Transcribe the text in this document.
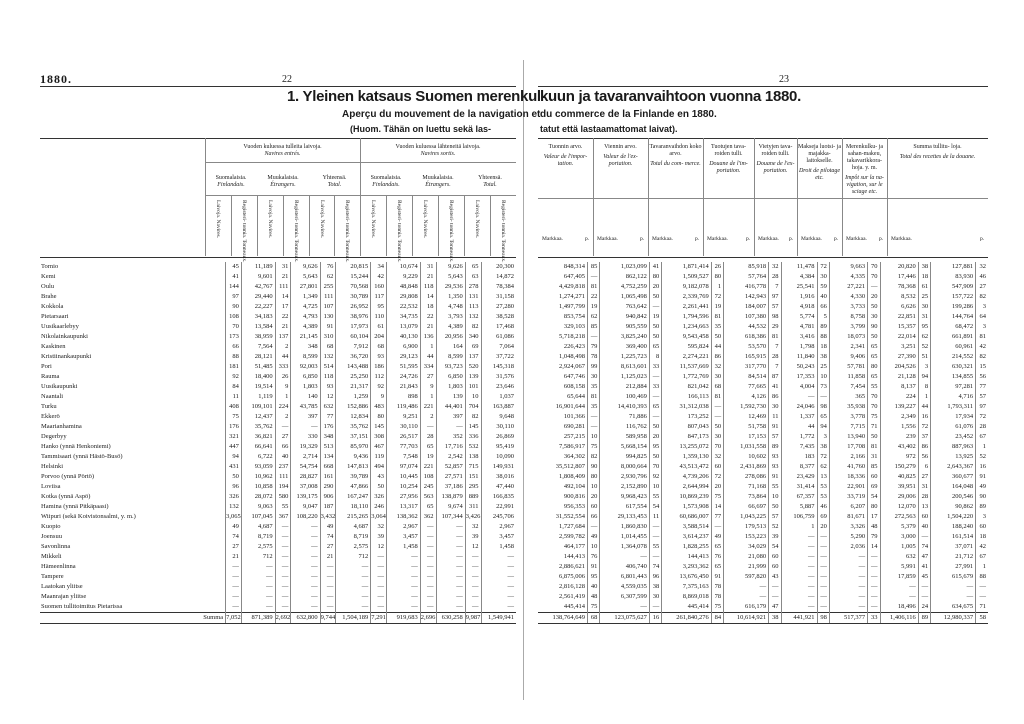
1880.	22	23
1. Yleinen katsaus Suomen merenkul-
kuun ja tavaranvaihtoon vuonna 1880.
Aperçu du mouvement de la navigation et du commerce de la Finlande en 1880.
(Huom. Tähän on luettu sekä las-	tatut että lastaamattomat laivat).
Vuoden kuluessa tulleita laivoja.
Navires entrés.
Vuoden kuluessa lähteneitä laivoja.
Navires sortis.
Suomalaisia.
Finlandais.
Muukalaisia.
Étrangers.
Yhteensä.
Total.
Suomalaisia.
Finlandais.
Muukalaisia.
Étrangers.
Yhteensä.
Total.
Laivoja. Navires.	Registeri- tonnia. Tonneaux.	Laivoja. Navires.	Registeri- tonnia. Tonneaux.	Laivoja. Navires.	Registeri- tonnia. Tonneaux.	Laivoja. Navires.	Registeri- tonnia. Tonneaux.	Laivoja. Navires.	Registeri- tonnia. Tonneaux.	Laivoja. Navires.	Registeri- tonnia. Tonneaux.
Tuonnin arvo.
Valeur de l'impor- tation.
Markkaa.	p.
Viennin arvo.
Valeur de l'ex- portation.
Markkaa.	p.
Tavaranvaihdon koko arvo.
Total du com- merce.
Markkaa.	p.
Tuotujen tava- roiden tulli.
Douane de l'im- portation.
Markkaa.	p.
Vietyjen tava- roiden tulli.
Douane de l'ex- portation.
Markkaa. p.
Makseja luotsi- ja majakka- laitokselle.
Droit de pilotage etc.
Markkaa. p.
Merenkulku- ja sahan-makeu, takavarikkora- hoja. y. m.
Impôt sur la na- vigation, sur le sciage etc.
Markkaa. p.
Summa tullitu- loja.
Total des recettes de la douane.
Markkaa.	p.
Tornio	45	11,189	31	9,626	76	20,815	34	10,674	31	9,626	65	20,300
Kemi	41	9,601	21	5,643	62	15,244	42	9,229	21	5,643	63	14,872
Oulu	144	42,767	111	27,801	255	70,568	160	48,848	118	29,536	278	78,384
Brahe	97	29,440	14	1,349	111	30,789	117	29,808	14	1,350	131	31,158
Kokkola	90	22,227	17	4,725	107	26,952	95	22,532	18	4,748	113	27,280
Pietarsaari	108	34,183	22	4,793	130	38,976	110	34,735	22	3,793	132	38,528
Uusikaarlebyy	70	13,584	21	4,389	91	17,973	61	13,079	21	4,389	82	17,468
Nikolainkaupunki	173	38,959	137	21,145	310	60,104	204	40,130	136	20,956	340	61,086
Kaskinen	66	7,564	2	348	68	7,912	68	6,900	1	164	69	7,064
Kristiinankaupunki	88	28,121	44	8,599	132	36,720	93	29,123	44	8,599	137	37,722
Pori	181	51,485	333	92,003	514	143,488	186	51,595	334	93,723	520	145,318
Rauma	92	18,400	26	6,850	118	25,250	112	24,726	27	6,850	139	31,576
Uusikaupunki	84	19,514	9	1,803	93	21,317	92	21,843	9	1,803	101	23,646
Naantali	11	1,119	1	140	12	1,259	9	898	1	139	10	1,037
Turku	408	109,101	224	43,785	632	152,886	483	119,486	221	44,401	704	163,887
Ekkerö	75	12,437	2	397	77	12,834	80	9,251	2	397	82	9,648
Maarianhamina	176	35,762	—	—	176	35,762	145	30,110	—	—	145	30,110
Degerbyy	321	36,821	27	330	348	37,151	308	26,517	28	352	336	26,869
Hanko (ynnä Henkoniemi)	447	66,641	66	19,329	513	85,970	467	77,703	65	17,716	532	95,419
Tammisaari (ynnä Hästö-Busö)	94	6,722	40	2,714	134	9,436	119	7,548	19	2,542	138	10,090
Helsinki	431	93,059	237	54,754	668	147,813	494	97,074	221	52,857	715	149,931
Porvoo (ynnä Pörtö)	50	10,962	111	28,827	161	39,789	43	10,445	108	27,571	151	38,016
Loviisa	96	10,858	194	37,008	290	47,866	50	10,254	245	37,186	295	47,440
Kotka (ynnä Aspö)	326	28,072	580	139,175	906	167,247	326	27,956	563	138,879	889	166,835
Hamina (ynnä Pitkäpaasi)	132	9,063	55	9,047	187	18,110	246	13,317	65	9,674	311	22,991
Wiipuri (sekä Koivistonsalmi, y. m.)	3,065	107,045	367	108,220	3,432	215,265	3,064	138,362	362	107,344	3,426	245,706
Kuopio	49	4,687	—	—	49	4,687	32	2,967	—	—	32	2,967
Joensuu	74	8,719	—	—	74	8,719	39	3,457	—	—	39	3,457
Savonlinna	27	2,575	—	—	27	2,575	12	1,458	—	—	12	1,458
Mikkeli	21	712	—	—	21	712	—	—	—	—	—	—
Hämeenlinna	—	—	—	—	—	—	—	—	—	—	—	—
Tampere	—	—	—	—	—	—	—	—	—	—	—	—
Laatokan yliitse	—	—	—	—	—	—	—	—	—	—	—	—
Maanrajan yliitse	—	—	—	—	—	—	—	—	—	—	—	—
Suomen tullitoimitus Pietarissa	—	—	—	—	—	—	—	—	—	—	—	—
Summa	7,052	871,389	2,692	632,800	9,744	1,504,189	7,291	919,683	2,696	630,258	9,987	1,549,941
848,314	85	1,023,099	41	1,871,414	26	85,918	32	11,478	72	9,663	70	20,820	38	127,881	32
647,405	—	862,122	80	1,509,527	80	57,764	28	4,384	30	4,335	70	17,446	18	83,930	46
4,429,818	81	4,752,259	20	9,182,078	1	416,778	7	25,541	59	27,221	—	78,368	61	547,909	27
1,274,271	22	1,065,498	50	2,339,769	72	142,943	97	1,916	40	4,330	20	8,532	25	157,722	82
1,497,799	19	763,642	—	2,261,441	19	184,007	57	4,918	66	3,733	50	6,626	30	199,286	3
853,754	62	940,842	19	1,794,596	81	107,380	98	5,774	5	8,758	30	22,851	31	144,764	64
329,103	85	905,559	50	1,234,663	35	44,532	29	4,781	89	3,799	90	15,357	95	68,472	3
5,718,218	—	3,825,240	50	9,543,458	50	618,386	81	3,416	88	18,073	50	22,014	62	661,891	81
226,423	79	369,400	65	595,824	44	53,570	7	1,798	18	2,341	65	3,251	52	60,961	42
1,048,498	78	1,225,723	8	2,274,221	86	165,915	28	11,840	38	9,406	65	27,390	51	214,552	82
2,924,067	99	8,613,601	33	11,537,669	32	317,770	7	50,243	25	57,781	80	204,526	3	630,321	15
647,746	30	1,125,023	—	1,772,769	30	84,514	87	17,353	10	11,858	65	21,128	94	134,855	56
608,158	35	212,884	33	821,042	68	77,665	41	4,004	73	7,454	55	8,137	8	97,281	77
65,644	81	100,469	—	166,113	81	4,126	86	—	—	365	70	224	1	4,716	57
16,901,644	35	14,410,393	65	31,312,038	—	1,592,730	30	24,046	98	35,938	70	139,227	44	1,793,311	97
101,366	—	71,886	—	173,252	—	12,469	11	1,337	65	3,778	75	2,349	16	17,934	72
690,281	—	116,762	50	807,043	50	51,758	91	44	94	7,715	71	1,556	72	61,076	28
257,215	10	589,958	20	847,173	30	17,153	57	1,772	3	13,940	50	239	37	23,452	67
7,586,917	75	5,668,154	95	13,255,072	70	1,031,558	89	7,435	38	17,708	81	43,402	86	887,963	1
364,302	82	994,825	50	1,359,130	32	10,602	93	183	72	2,166	31	972	56	13,925	52
35,512,807	90	8,000,664	70	43,513,472	60	2,431,869	93	8,377	62	41,760	85	150,279	6	2,643,367	16
1,808,409	80	2,930,796	92	4,739,206	72	278,086	91	23,429	13	18,336	60	40,825	27	360,677	91
492,104	10	2,152,890	10	2,644,994	20	71,168	55	31,414	53	22,901	69	39,951	31	164,048	49
900,816	20	9,968,423	55	10,869,239	75	73,864	10	67,357	53	33,719	54	29,006	28	200,546	90
956,353	60	617,554	54	1,573,908	14	66,697	50	5,887	46	6,207	80	12,070	13	90,862	89
31,552,554	66	29,133,453	11	60,686,007	77	1,043,225	57	106,759	69	81,671	17	272,563	60	1,504,220	3
1,727,684	—	1,860,830	—	3,588,514	—	179,513	52	1	20	3,326	48	5,379	40	188,240	60
2,599,782	49	1,014,455	—	3,614,237	49	153,223	39	—	—	5,290	79	3,000	—	161,514	18
464,177	10	1,364,078	55	1,828,255	65	34,029	54	—	—	2,036	14	1,005	74	37,071	42
144,413	76	—	—	144,413	76	21,080	60	—	—	—	—	632	47	21,712	67
2,886,621	91	406,740	74	3,293,362	65	21,999	60	—	—	—	—	5,991	41	27,991	1
6,875,006	95	6,801,443	96	13,676,450	91	597,820	43	—	—	—	—	17,859	45	615,679	88
2,816,128	40	4,559,035	38	7,375,163	78	—	—	—	—	—	—	—	—	—	—
2,561,419	48	6,307,599	30	8,869,018	78	—	—	—	—	—	—	—	—	—	—
445,414	75	—	—	445,414	75	616,179	47	—	—	—	—	18,496	24	634,675	71
138,764,649	68	123,075,627	16	261,840,276	84	10,614,921	38	441,921	98	517,377	33	1,406,116	89	12,980,337	58
